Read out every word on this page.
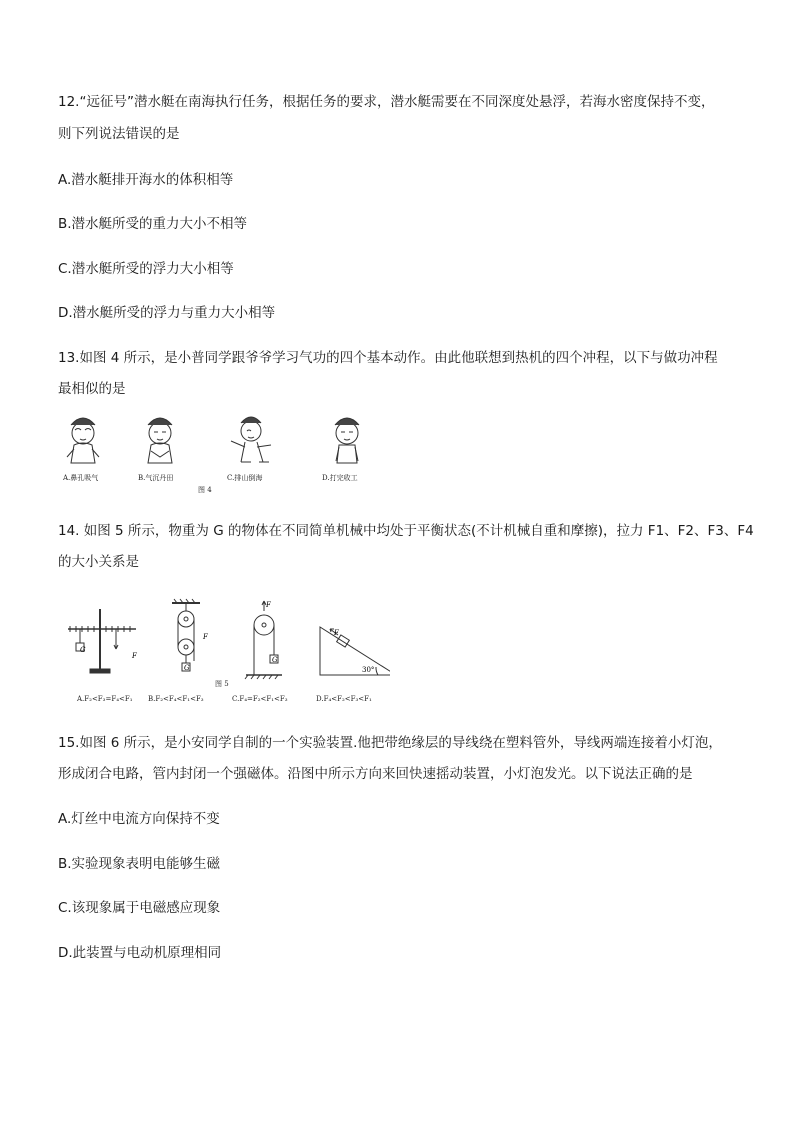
12.“远征号”潜水艇在南海执行任务，根据任务的要求，潜水艇需要在不同深度处悬浮，若海水密度保持不变，
则下列说法错误的是
A.潜水艇排开海水的体积相等
B.潜水艇所受的重力大小不相等
C.潜水艇所受的浮力大小相等
D.潜水艇所受的浮力与重力大小相等
13.如图 4 所示，是小普同学跟爷爷学习气功的四个基本动作。由此他联想到热机的四个冲程，以下与做功冲程
最相似的是
A.鼻孔吸气	B.气沉丹田	C.排山倒海	D.打完收工
图 4
14. 如图 5 所示，物重为 G 的物体在不同简单机械中均处于平衡状态(不计机械自重和摩擦)，拉力 F1、F2、F3、F4
的大小关系是
F
G
F
G
F
G
F
30°
图 5
A.F₂<F₃=F₄<F₁ B.F₂<F₄<F₁<F₃	C.F₄=F₂<F₁<F₃	D.F₄<F₂<F₃<F₁
15.如图 6 所示，是小安同学自制的一个实验装置.他把带绝缘层的导线绕在塑料管外，导线两端连接着小灯泡，
形成闭合电路，管内封闭一个强磁体。沿图中所示方向来回快速摇动装置，小灯泡发光。以下说法正确的是
A.灯丝中电流方向保持不变
B.实验现象表明电能够生磁
C.该现象属于电磁感应现象
D.此装置与电动机原理相同
